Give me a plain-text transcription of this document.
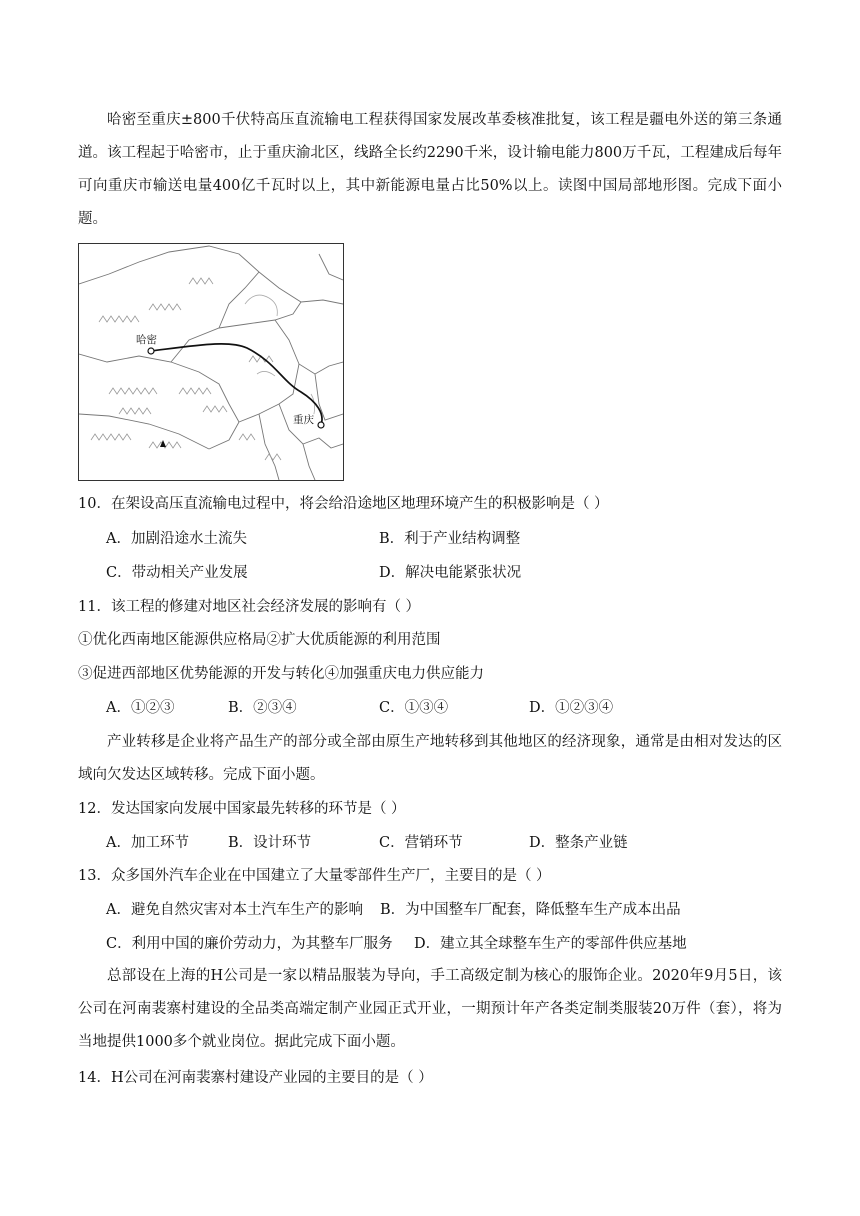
哈密至重庆±800千伏特高压直流输电工程获得国家发展改革委核准批复，该工程是疆电外送的第三条通道。该工程起于哈密市，止于重庆渝北区，线路全长约2290千米，设计输电能力800万千瓦，工程建成后每年可向重庆市输送电量400亿千瓦时以上，其中新能源电量占比50%以上。读图中国局部地形图。完成下面小题。

哈密
重庆

10．在架设高压直流输电过程中，将会给沿途地区地理环境产生的积极影响是（ ）

A．加剧沿途水土流失	B．利于产业结构调整
C．带动相关产业发展	D．解决电能紧张状况

11．该工程的修建对地区社会经济发展的影响有（ ）

①优化西南地区能源供应格局②扩大优质能源的利用范围

③促进西部地区优势能源的开发与转化④加强重庆电力供应能力

A．①②③	B．②③④	C．①③④	D．①②③④

产业转移是企业将产品生产的部分或全部由原生产地转移到其他地区的经济现象，通常是由相对发达的区域向欠发达区域转移。完成下面小题。

12．发达国家向发展中国家最先转移的环节是（ ）

A．加工环节	B．设计环节	C．营销环节	D．整条产业链

13．众多国外汽车企业在中国建立了大量零部件生产厂，主要目的是（ ）

A．避免自然灾害对本土汽车生产的影响 B．为中国整车厂配套，降低整车生产成本出品
C．利用中国的廉价劳动力，为其整车厂服务 D．建立其全球整车生产的零部件供应基地

总部设在上海的H公司是一家以精品服装为导向，手工高级定制为核心的服饰企业。2020年9月5日，该公司在河南裴寨村建设的全品类高端定制产业园正式开业，一期预计年产各类定制类服装20万件（套），将为当地提供1000多个就业岗位。据此完成下面小题。

14．H公司在河南裴寨村建设产业园的主要目的是（ ）
